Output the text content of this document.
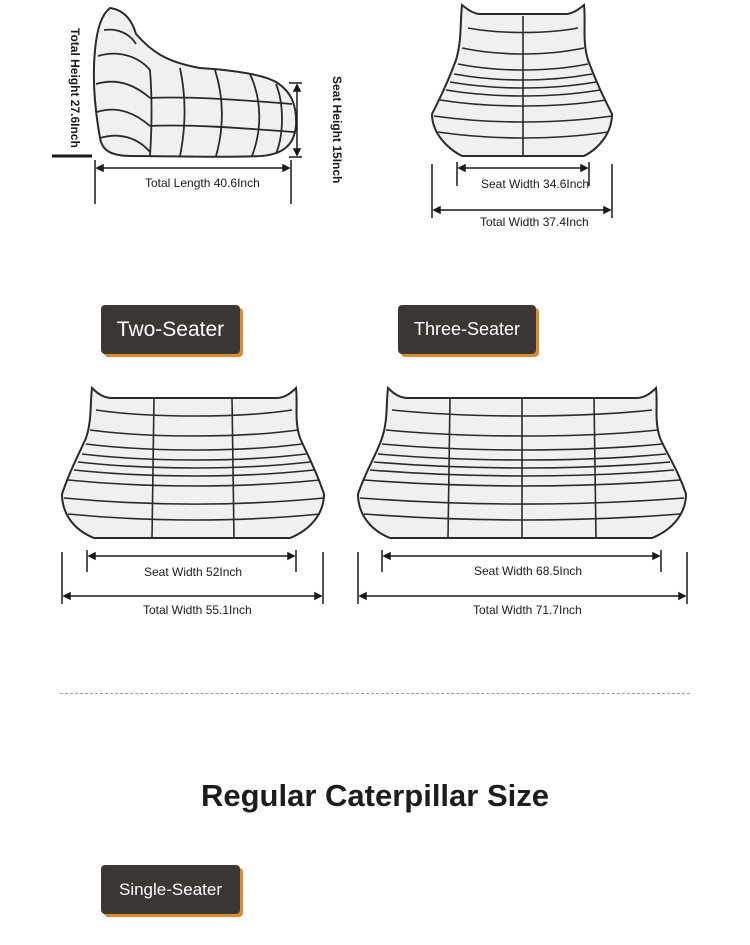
Total Height 27.6Inch	Seat Height 15Inch
Total Length 40.6Inch	Seat Width 34.6Inch
Total Width 37.4Inch
Two-Seater	Three-Seater
Seat Width 52Inch
Total Width 55.1Inch
Seat Width 68.5Inch
Total Width 71.7Inch
Regular Caterpillar Size
Single-Seater
